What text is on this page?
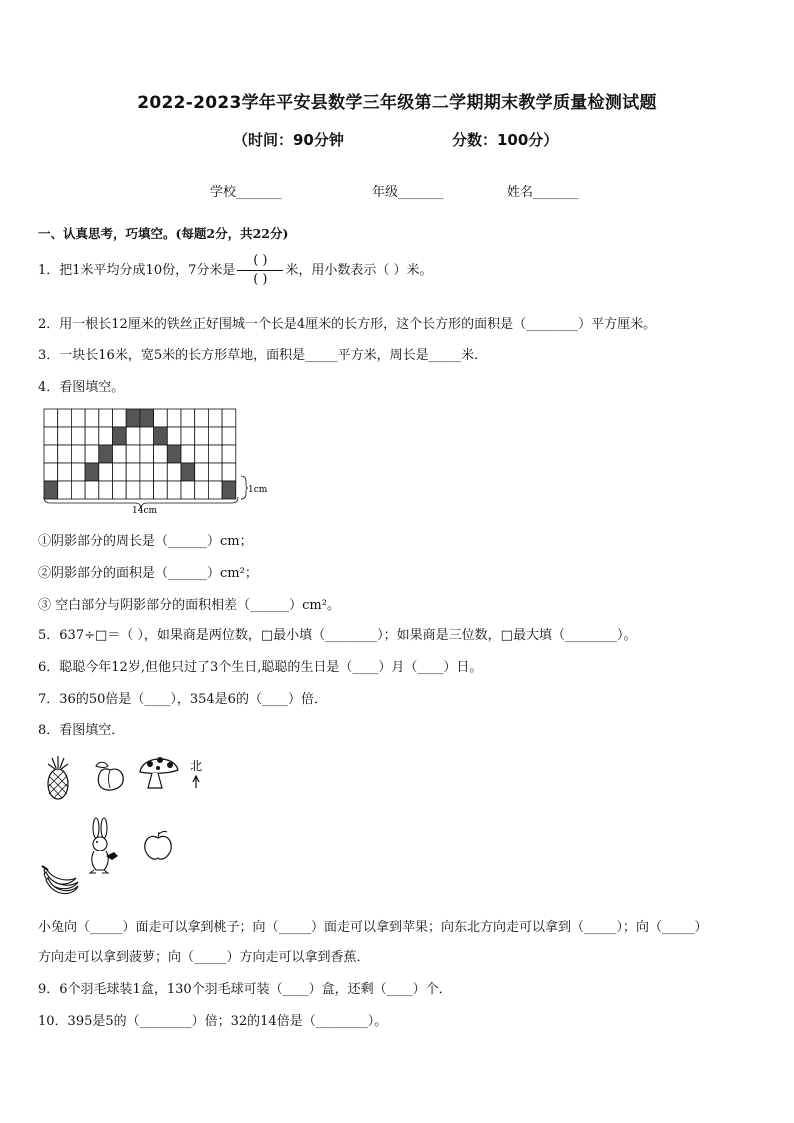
2022-2023学年平安县数学三年级第二学期期末教学质量检测试题
（时间：90分钟	分数：100分）
学校_______	年级_______	姓名_______
一、认真思考，巧填空。(每题2分，共22分)
1．把1米平均分成10份，7分米是
( )
( )
米，用小数表示（ ）米。
2．用一根长12厘米的铁丝正好围城一个长是4厘米的长方形，这个长方形的面积是（________）平方厘米。
3．一块长16米，宽5米的长方形草地，面积是_____平方米，周长是_____米．
4．看图填空。
14cm
1cm
①阴影部分的周长是（______）cm；
②阴影部分的面积是（______）cm²；
③ 空白部分与阴影部分的面积相差（______）cm²。
5．637÷□＝（ ），如果商是两位数，□最小填（________）；如果商是三位数，□最大填（________）。
6．聪聪今年12岁,但他只过了3个生日,聪聪的生日是（____）月（____）日。
7．36的50倍是（____），354是6的（____）倍．
8．看图填空．
北
小兔向（_____）面走可以拿到桃子；向（_____）面走可以拿到苹果；向东北方向走可以拿到（_____）；向（_____）
方向走可以拿到菠萝；向（_____）方向走可以拿到香蕉．
9．6个羽毛球装1盒，130个羽毛球可装（____）盒，还剩（____）个．
10．395是5的（________）倍；32的14倍是（________）。
